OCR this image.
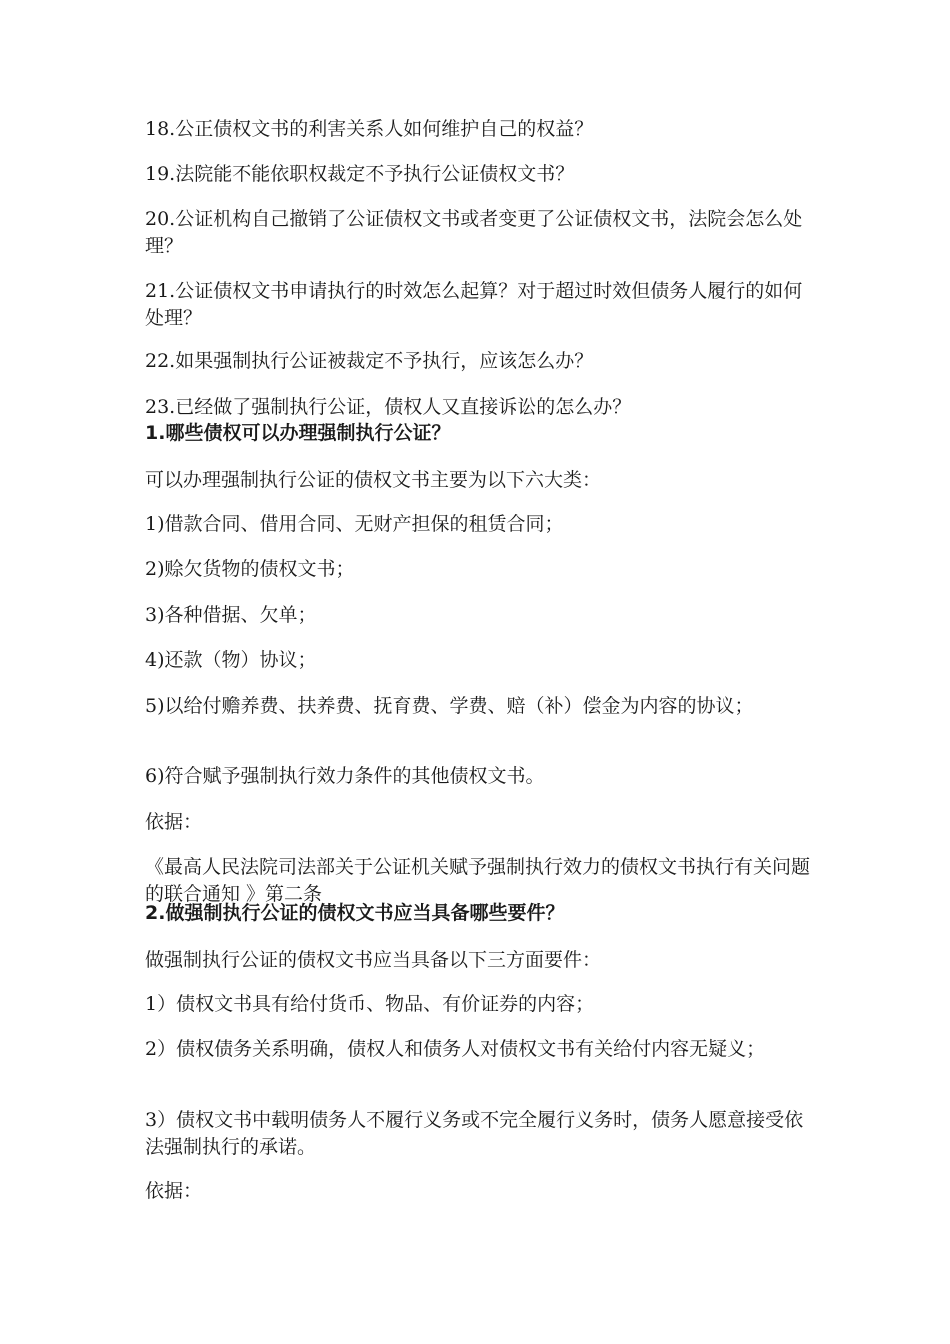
18.公正债权文书的利害关系人如何维护自己的权益？

19.法院能不能依职权裁定不予执行公证债权文书？

20.公证机构自己撤销了公证债权文书或者变更了公证债权文书，法院会怎么处理？

21.公证债权文书申请执行的时效怎么起算？对于超过时效但债务人履行的如何处理？

22.如果强制执行公证被裁定不予执行，应该怎么办？

23.已经做了强制执行公证，债权人又直接诉讼的怎么办？

1.哪些债权可以办理强制执行公证？

可以办理强制执行公证的债权文书主要为以下六大类：

1)借款合同、借用合同、无财产担保的租赁合同；

2)赊欠货物的债权文书；

3)各种借据、欠单；

4)还款（物）协议；

5)以给付赡养费、扶养费、抚育费、学费、赔（补）偿金为内容的协议；

6)符合赋予强制执行效力条件的其他债权文书。

依据：

《最高人民法院司法部关于公证机关赋予强制执行效力的债权文书执行有关问题的联合通知 》第二条

2.做强制执行公证的债权文书应当具备哪些要件？

做强制执行公证的债权文书应当具备以下三方面要件：

1）债权文书具有给付货币、物品、有价证券的内容；

2）债权债务关系明确，债权人和债务人对债权文书有关给付内容无疑义；

3）债权文书中载明债务人不履行义务或不完全履行义务时，债务人愿意接受依法强制执行的承诺。

依据：
